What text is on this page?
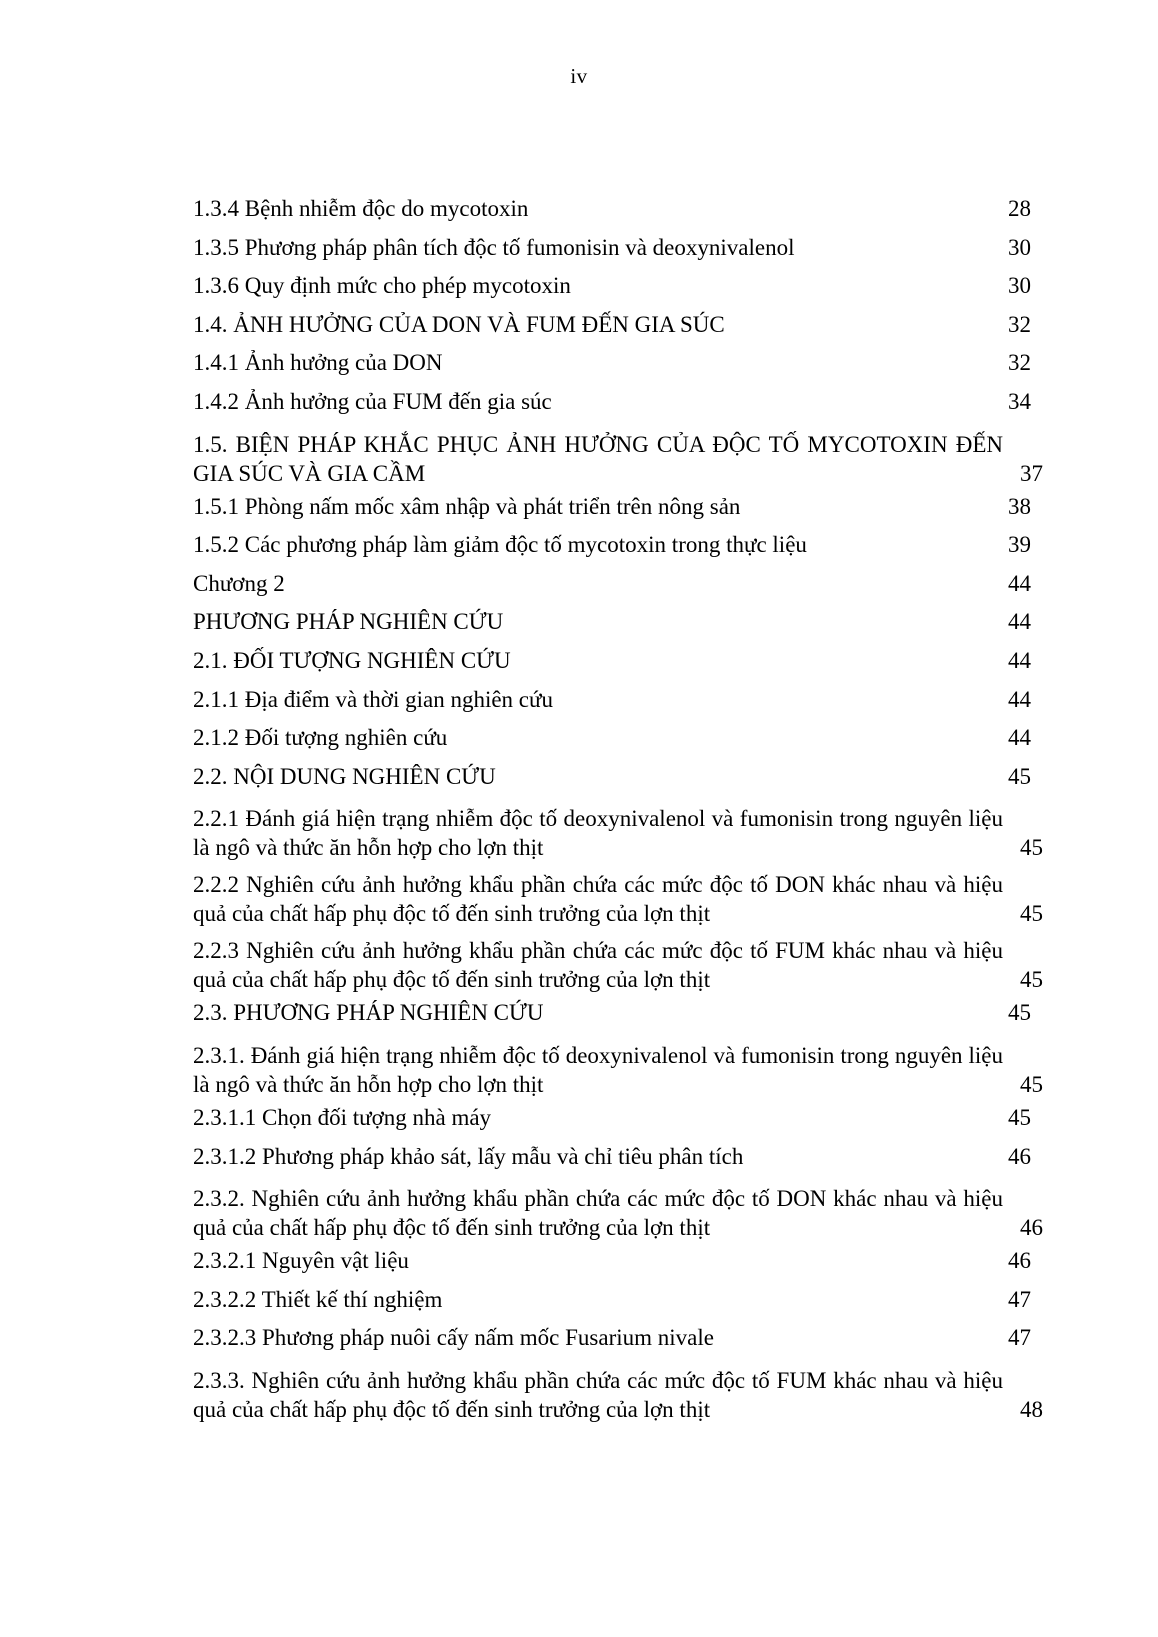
iv
1.3.4 Bệnh nhiễm độc do mycotoxin	28
1.3.5 Phương pháp phân tích độc tố fumonisin và deoxynivalenol	30
1.3.6 Quy định mức cho phép mycotoxin	30
1.4. ẢNH HƯỞNG CỦA DON VÀ FUM ĐẾN GIA SÚC	32
1.4.1 Ảnh hưởng của DON	32
1.4.2 Ảnh hưởng của FUM đến gia súc	34
1.5. BIỆN PHÁP KHẮC PHỤC ẢNH HƯỞNG CỦA ĐỘC TỐ MYCOTOXIN ĐẾN GIA SÚC VÀ GIA CẦM	37
1.5.1 Phòng nấm mốc xâm nhập và phát triển trên nông sản	38
1.5.2 Các phương pháp làm giảm độc tố mycotoxin trong thực liệu	39
Chương 2	44
PHƯƠNG PHÁP NGHIÊN CỨU	44
2.1. ĐỐI TƯỢNG NGHIÊN CỨU	44
2.1.1 Địa điểm và thời gian nghiên cứu	44
2.1.2 Đối tượng nghiên cứu	44
2.2. NỘI DUNG NGHIÊN CỨU	45
2.2.1 Đánh giá hiện trạng nhiễm độc tố deoxynivalenol và fumonisin trong nguyên liệu là ngô và thức ăn hỗn hợp cho lợn thịt	45
2.2.2 Nghiên cứu ảnh hưởng khẩu phần chứa các mức độc tố DON khác nhau và hiệu quả của chất hấp phụ độc tố đến sinh trưởng của lợn thịt	45
2.2.3 Nghiên cứu ảnh hưởng khẩu phần chứa các mức độc tố FUM khác nhau và hiệu quả của chất hấp phụ độc tố đến sinh trưởng của lợn thịt	45
2.3. PHƯƠNG PHÁP NGHIÊN CỨU	45
2.3.1. Đánh giá hiện trạng nhiễm độc tố deoxynivalenol và fumonisin trong nguyên liệu là ngô và thức ăn hỗn hợp cho lợn thịt	45
2.3.1.1 Chọn đối tượng nhà máy	45
2.3.1.2 Phương pháp khảo sát, lấy mẫu và chỉ tiêu phân tích	46
2.3.2. Nghiên cứu ảnh hưởng khẩu phần chứa các mức độc tố DON khác nhau và hiệu quả của chất hấp phụ độc tố đến sinh trưởng của lợn thịt	46
2.3.2.1 Nguyên vật liệu	46
2.3.2.2 Thiết kế thí nghiệm	47
2.3.2.3 Phương pháp nuôi cấy nấm mốc Fusarium nivale	47
2.3.3. Nghiên cứu ảnh hưởng khẩu phần chứa các mức độc tố FUM khác nhau và hiệu quả của chất hấp phụ độc tố đến sinh trưởng của lợn thịt	48
